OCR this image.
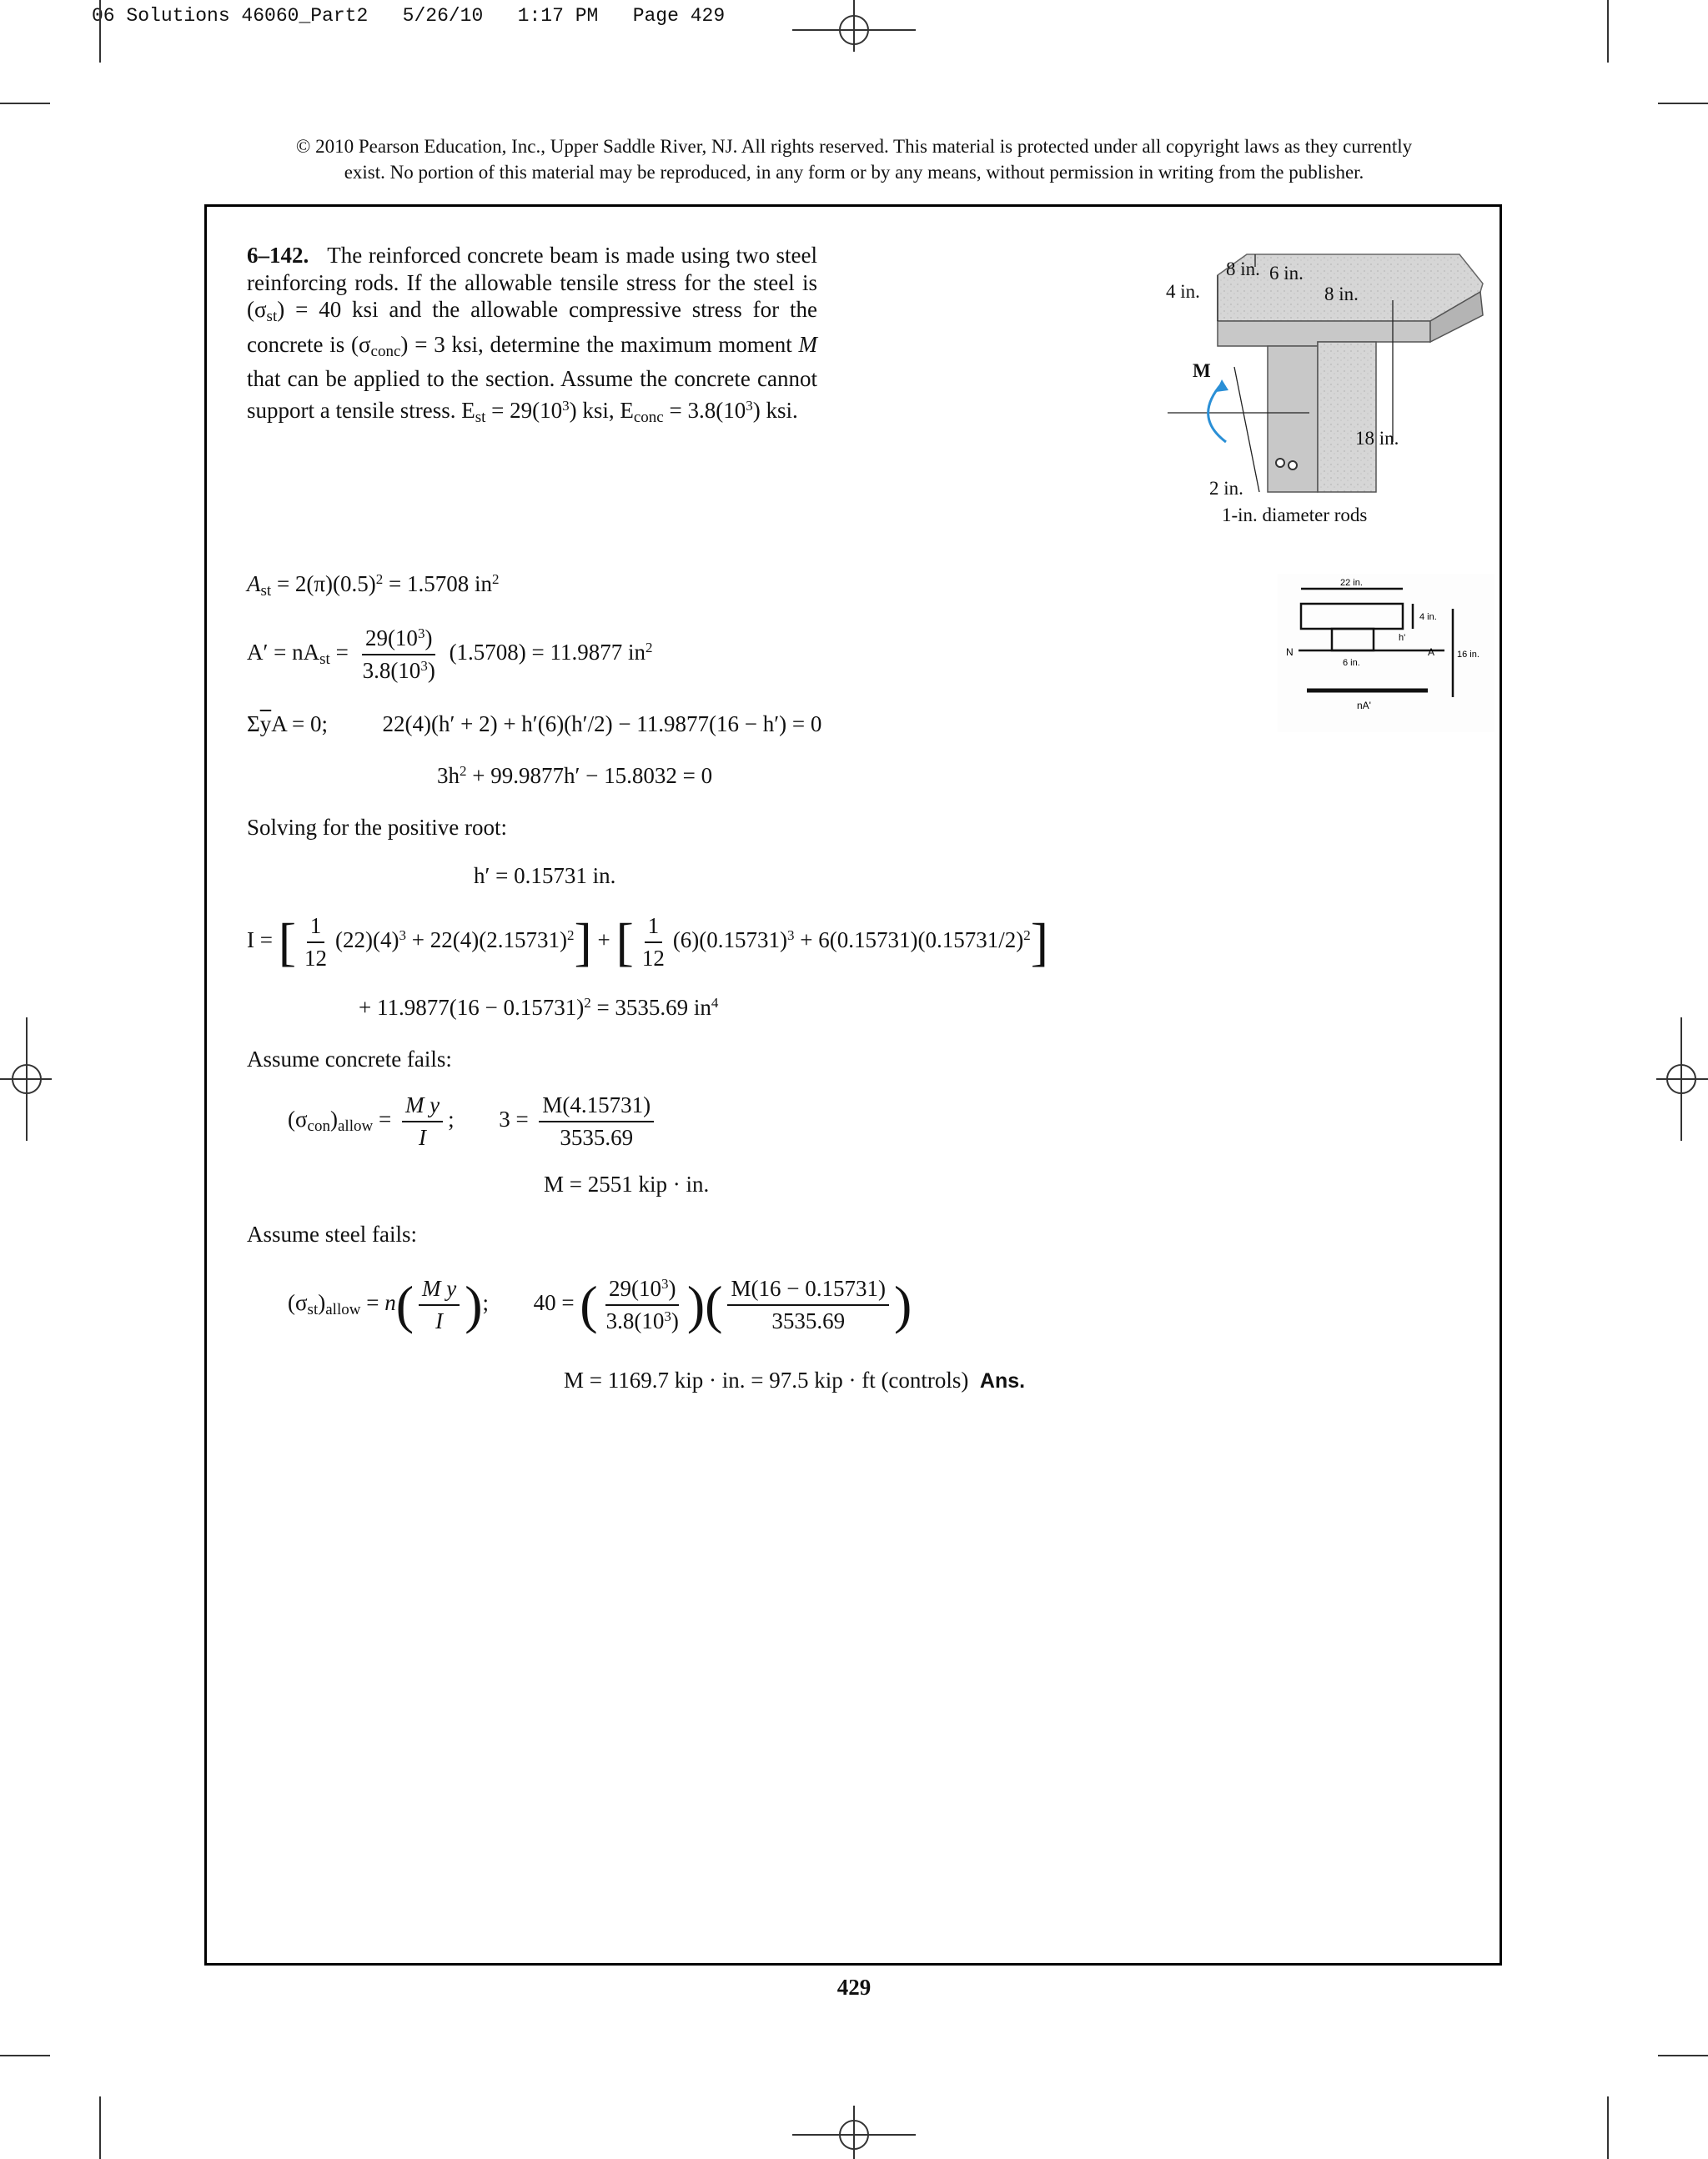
06 Solutions 46060_Part2   5/26/10   1:17 PM   Page 429
© 2010 Pearson Education, Inc., Upper Saddle River, NJ. All rights reserved. This material is protected under all copyright laws as they currently
exist. No portion of this material may be reproduced, in any form or by any means, without permission in writing from the publisher.
6–142. The reinforced concrete beam is made using two steel reinforcing rods. If the allowable tensile stress for the steel is $(\sigma_{st}) = 40$ ksi and the allowable compressive stress for the concrete is $(\sigma_{conc}) = 3$ ksi, determine the maximum moment M that can be applied to the section. Assume the concrete cannot support a tensile stress. $E_{st} = 29(10^3)$ ksi, $E_{conc} = 3.8(10^3)$ ksi.
8 in. 6 in.
4 in.	8 in.
M
18 in.
2 in.
1-in. diameter rods
22 in.
4 in.
h'
N	A
6 in.
16 in.
nA'
$A_{st} = 2(\pi)(0.5)^2 = 1.5708$ $in^2$
$A' = nA_{st} = \frac{29(10^3)}{3.8(10^3)} (1.5708) = 11.9877$ $in^2$
$\Sigma\overline{y}A = 0$; 22(4)(h′ + 2) + h′(6)(h′/2) − 11.9877(16 − h′) = 0
$3h^2 + 99.9877h' - 15.8032 = 0$
Solving for the positive root:
h′ = 0.15731 in.
I = [ $\frac{1}{12} (22)(4)^3 + 22(4)(2.15731)^2$] + [ $\frac{1}{12} (6)(0.15731)^3 + 6(0.15731)(0.15731/2)^2$]
+ $11.9877(16 - 0.15731)^2 = 3535.69$ $in^4$
Assume concrete fails:
$(\sigma_{con})_{allow} = \frac{\text{M y}}{I}$ ; $3 = \frac{M(4.15731)}{3535.69}$
M = 2551 kip · in.
Assume steel fails:
$(\sigma_{st})_{allow} = n( \frac{\text{M y}}{I}$ ); 40 = ( $\frac{29(10^3)}{3.8(10^3)}$ )( $\frac{M(16 - 0.15731)}{3535.69}$ )
M = 1169.7 kip · in. = 97.5 kip · ft (controls) Ans.
429
